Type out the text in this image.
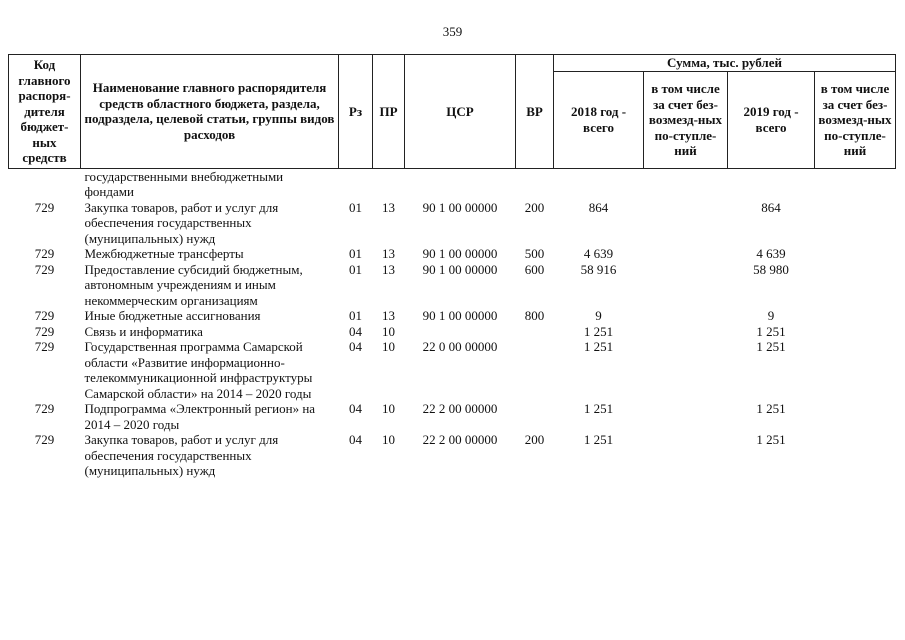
359
Код главного распоря-дителя бюджет-ных средств	Наименование главного распорядителя средств областного бюджета, раздела, подраздела, целевой статьи, группы видов расходов	Рз	ПР	ЦСР	ВР	Сумма, тыс. рублей			
						2018 год - всего	в том числе за счет без-возмезд-ных по-ступле-ний	2019 год - всего	в том числе за счет без-возмезд-ных по-ступле-ний
	государственными внебюджетными фондами								
729	Закупка товаров, работ и услуг для обеспечения государственных (муниципальных) нужд	01	13	90 1 00 00000	200	864		864	
729	Межбюджетные трансферты	01	13	90 1 00 00000	500	4 639		4 639	
729	Предоставление субсидий бюджетным, автономным учреждениям и иным некоммерческим организациям	01	13	90 1 00 00000	600	58 916		58 980	
729	Иные бюджетные ассигнования	01	13	90 1 00 00000	800	9		9	
729	Связь и информатика	04	10			1 251		1 251	
729	Государственная программа Самарской области «Развитие информационно-телекоммуникационной инфраструктуры Самарской области» на 2014 – 2020 годы	04	10	22 0 00 00000		1 251		1 251	
729	Подпрограмма «Электронный регион» на 2014 – 2020 годы	04	10	22 2 00 00000		1 251		1 251	
729	Закупка товаров, работ и услуг для обеспечения государственных (муниципальных) нужд	04	10	22 2 00 00000	200	1 251		1 251	
